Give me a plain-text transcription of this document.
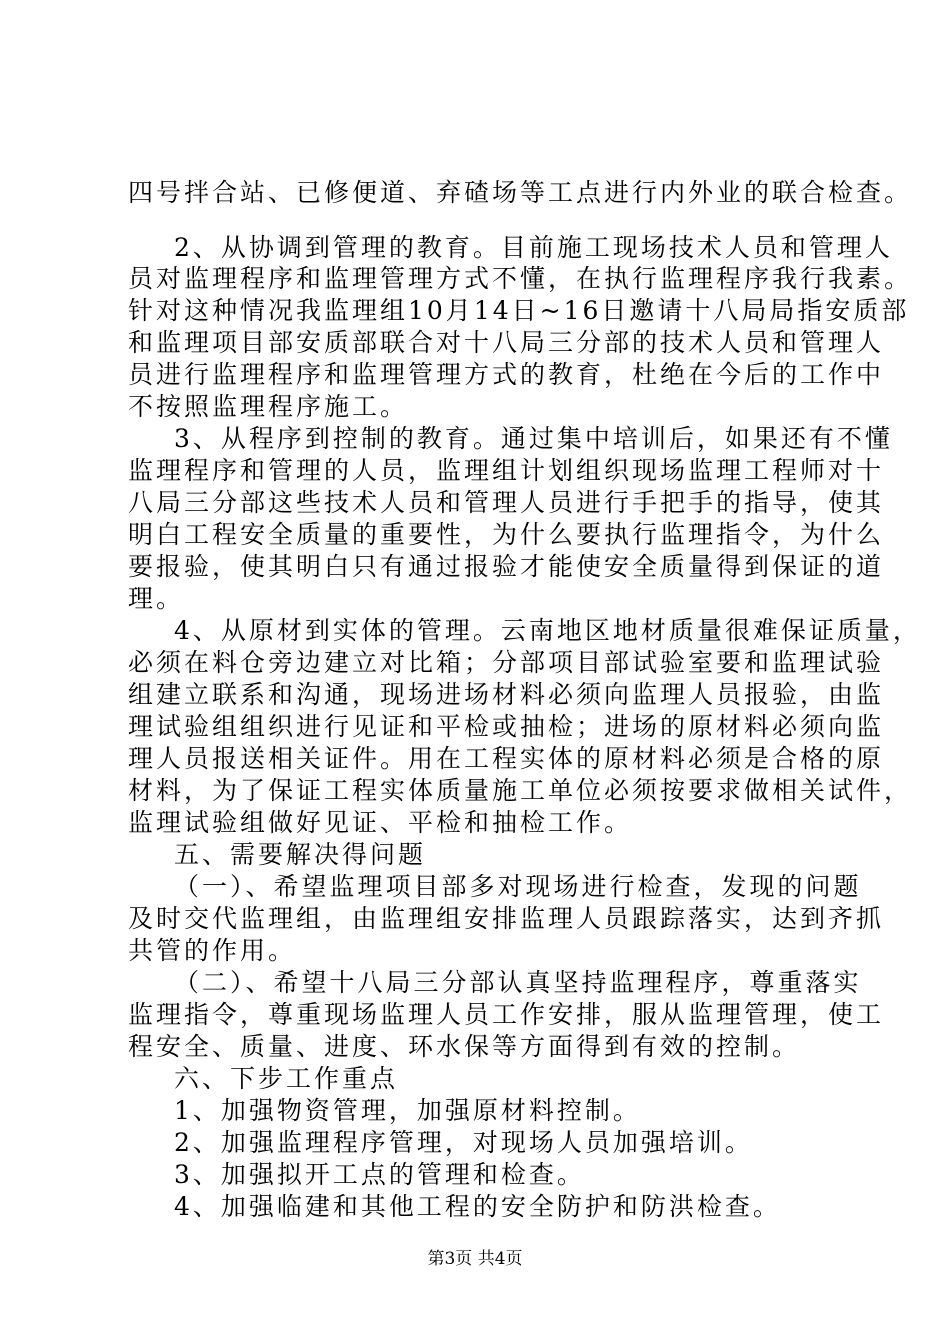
四号拌合站、已修便道、弃碴场等工点进行内外业的联合检查。
2、从协调到管理的教育。目前施工现场技术人员和管理人
员对监理程序和监理管理方式不懂，在执行监理程序我行我素。
针对这种情况我监理组10月14日~16日邀请十八局局指安质部
和监理项目部安质部联合对十八局三分部的技术人员和管理人
员进行监理程序和监理管理方式的教育，杜绝在今后的工作中
不按照监理程序施工。
3、从程序到控制的教育。通过集中培训后，如果还有不懂
监理程序和管理的人员，监理组计划组织现场监理工程师对十
八局三分部这些技术人员和管理人员进行手把手的指导，使其
明白工程安全质量的重要性，为什么要执行监理指令，为什么
要报验，使其明白只有通过报验才能使安全质量得到保证的道
理。
4、从原材到实体的管理。云南地区地材质量很难保证质量，
必须在料仓旁边建立对比箱；分部项目部试验室要和监理试验
组建立联系和沟通，现场进场材料必须向监理人员报验，由监
理试验组组织进行见证和平检或抽检；进场的原材料必须向监
理人员报送相关证件。用在工程实体的原材料必须是合格的原
材料，为了保证工程实体质量施工单位必须按要求做相关试件，
监理试验组做好见证、平检和抽检工作。
五、需要解决得问题
（一）、希望监理项目部多对现场进行检查，发现的问题
及时交代监理组，由监理组安排监理人员跟踪落实，达到齐抓
共管的作用。
（二）、希望十八局三分部认真坚持监理程序，尊重落实
监理指令，尊重现场监理人员工作安排，服从监理管理，使工
程安全、质量、进度、环水保等方面得到有效的控制。
六、下步工作重点
1、加强物资管理，加强原材料控制。
2、加强监理程序管理，对现场人员加强培训。
3、加强拟开工点的管理和检查。
4、加强临建和其他工程的安全防护和防洪检查。
第3页 共4页
